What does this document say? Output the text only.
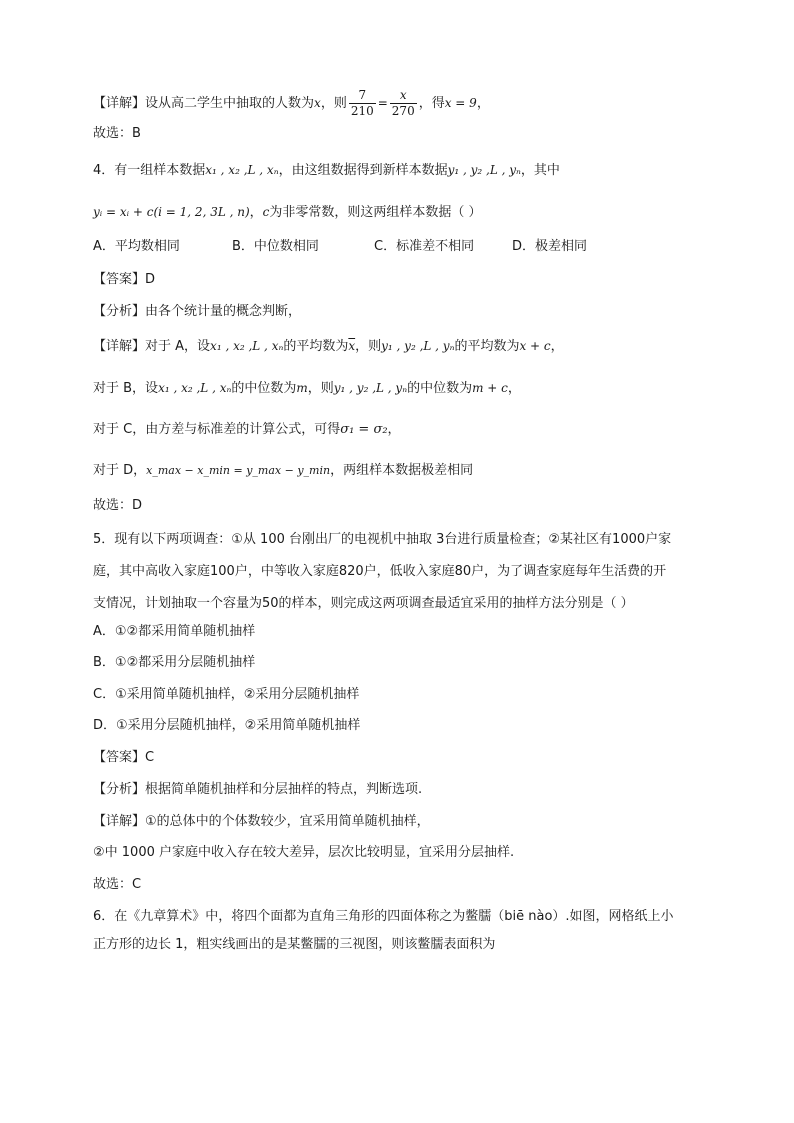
【详解】设从高二学生中抽取的人数为x，则 $\frac{7}{210} = \frac{x}{270}$ ，得x = 9，
故选：B
4．有一组样本数据x₁ , x₂ ,L , xₙ，由这组数据得到新样本数据y₁ , y₂ ,L , yₙ，其中
yᵢ = xᵢ + c(i = 1, 2, 3L , n)，c为非零常数，则这两组样本数据（ ）
A．平均数相同	B．中位数相同	C．标准差不相同	D．极差相同
【答案】D
【分析】由各个统计量的概念判断，
【详解】对于 A，设x₁ , x₂ ,L , xₙ的平均数为$\overline{x}$，则y₁ , y₂ ,L , yₙ的平均数为x + c，
对于 B，设x₁ , x₂ ,L , xₙ的中位数为m，则y₁ , y₂ ,L , yₙ的中位数为m + c，
对于 C，由方差与标准差的计算公式，可得σ₁ = σ₂，
对于 D，x_max − x_min = y_max − y_min，两组样本数据极差相同
故选：D
5．现有以下两项调查：①从 100 台刚出厂的电视机中抽取 3台进行质量检查；②某社区有1000户家
庭，其中高收入家庭100户，中等收入家庭820户，低收入家庭80户，为了调查家庭每年生活费的开
支情况，计划抽取一个容量为50的样本，则完成这两项调查最适宜采用的抽样方法分别是（ ）
A．①②都采用简单随机抽样
B．①②都采用分层随机抽样
C．①采用简单随机抽样，②采用分层随机抽样
D．①采用分层随机抽样，②采用简单随机抽样
【答案】C
【分析】根据简单随机抽样和分层抽样的特点，判断选项.
【详解】①的总体中的个体数较少，宜采用简单随机抽样，
②中 1000 户家庭中收入存在较大差异，层次比较明显，宜采用分层抽样.
故选：C
6．在《九章算术》中，将四个面都为直角三角形的四面体称之为鳖臑（biē nào）.如图，网格纸上小
正方形的边长 1，粗实线画出的是某鳖臑的三视图，则该鳖臑表面积为
